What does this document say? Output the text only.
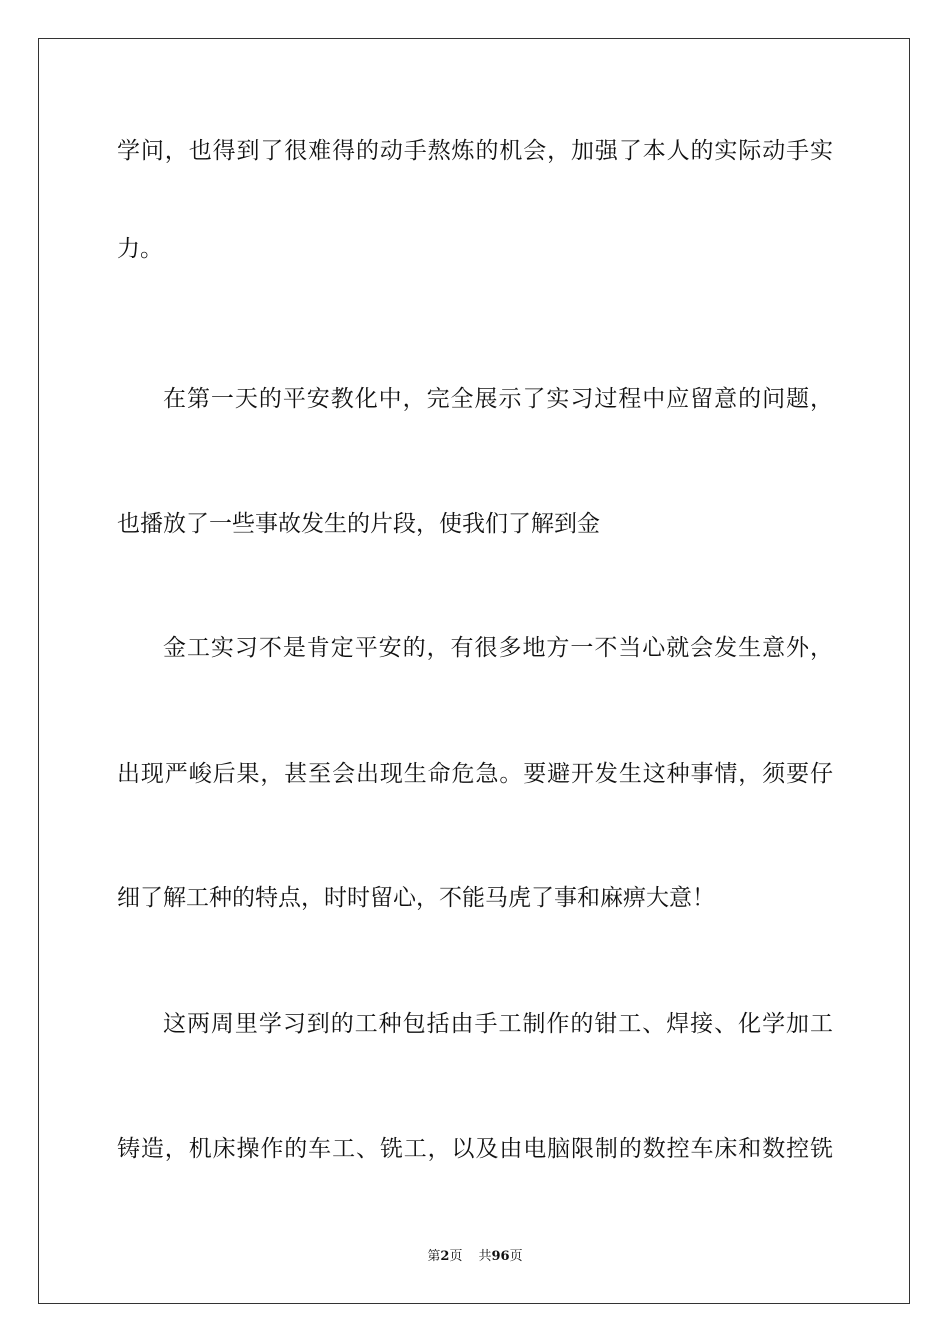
学问，也得到了很难得的动手熬炼的机会，加强了本人的实际动手实
力。
在第一天的平安教化中，完全展示了实习过程中应留意的问题，
也播放了一些事故发生的片段，使我们了解到金
金工实习不是肯定平安的，有很多地方一不当心就会发生意外，
出现严峻后果，甚至会出现生命危急。要避开发生这种事情，须要仔
细了解工种的特点，时时留心，不能马虎了事和麻痹大意！
这两周里学习到的工种包括由手工制作的钳工、焊接、化学加工
铸造，机床操作的车工、铣工，以及由电脑限制的数控车床和数控铣
第2页 共96页
